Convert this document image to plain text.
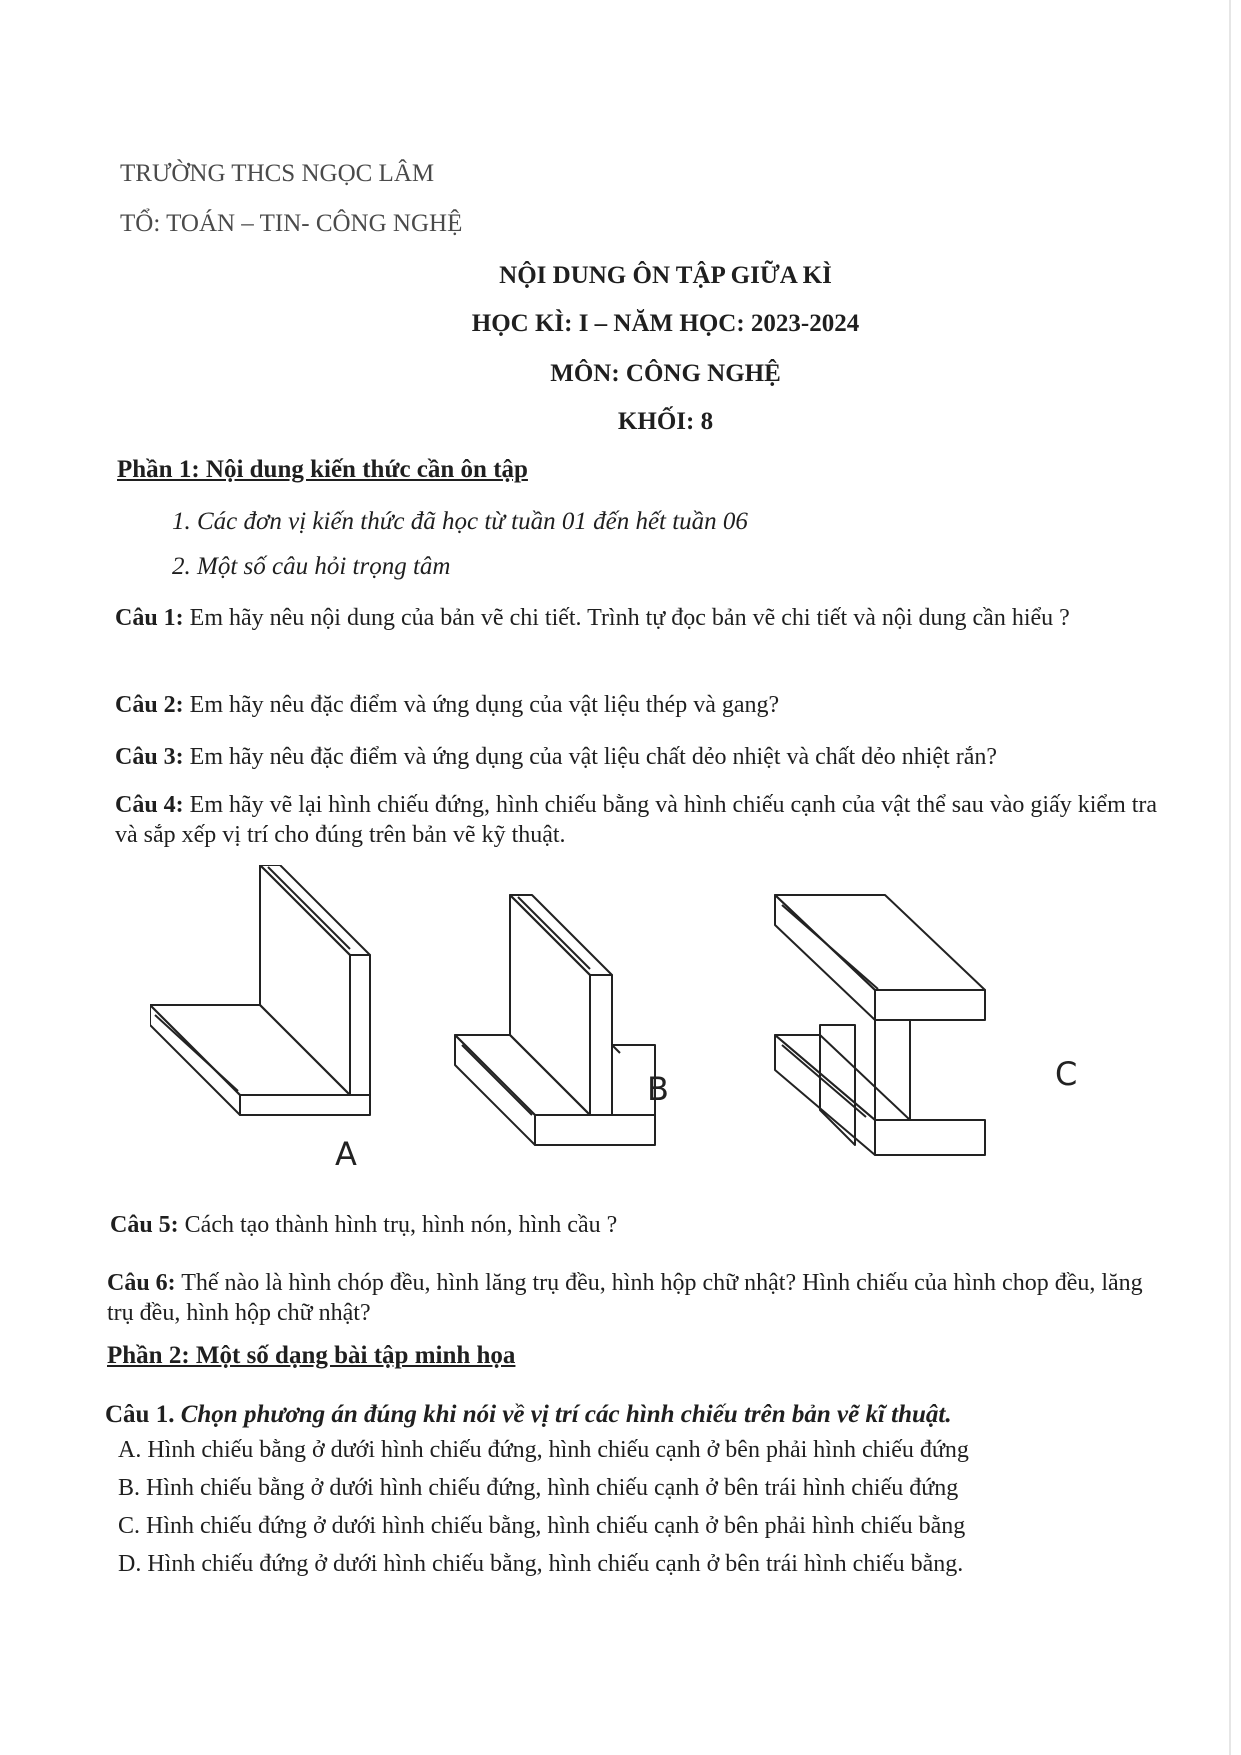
TRƯỜNG THCS NGỌC LÂM
TỔ: TOÁN – TIN- CÔNG NGHỆ
NỘI DUNG ÔN TẬP GIỮA KÌ
HỌC KÌ: I – NĂM HỌC: 2023-2024
MÔN: CÔNG NGHỆ
KHỐI: 8
Phần 1: Nội dung kiến thức cần ôn tập
1. Các đơn vị kiến thức đã học từ tuần 01 đến hết tuần 06
2. Một số câu hỏi trọng tâm
Câu 1: Em hãy nêu nội dung của bản vẽ chi tiết. Trình tự đọc bản vẽ chi tiết và nội dung cần hiểu ?
Câu 2: Em hãy nêu đặc điểm và ứng dụng của vật liệu thép và gang?
Câu 3: Em hãy nêu đặc điểm và ứng dụng của vật liệu chất dẻo nhiệt và chất dẻo nhiệt rắn?
Câu 4: Em hãy vẽ lại hình chiếu đứng, hình chiếu bằng và hình chiếu cạnh của vật thể sau vào giấy kiểm tra và sắp xếp vị trí cho đúng trên bản vẽ kỹ thuật.
A
B	C
Câu 5: Cách tạo thành hình trụ, hình nón, hình cầu ?
Câu 6: Thế nào là hình chóp đều, hình lăng trụ đều, hình hộp chữ nhật? Hình chiếu của hình chop đều, lăng trụ đều, hình hộp chữ nhật?
Phần 2: Một số dạng bài tập minh họa
Câu 1. Chọn phương án đúng khi nói về vị trí các hình chiếu trên bản vẽ kĩ thuật.
A. Hình chiếu bằng ở dưới hình chiếu đứng, hình chiếu cạnh ở bên phải hình chiếu đứng
B. Hình chiếu bằng ở dưới hình chiếu đứng, hình chiếu cạnh ở bên trái hình chiếu đứng
C. Hình chiếu đứng ở dưới hình chiếu bằng, hình chiếu cạnh ở bên phải hình chiếu bằng
D. Hình chiếu đứng ở dưới hình chiếu bằng, hình chiếu cạnh ở bên trái hình chiếu bằng.
